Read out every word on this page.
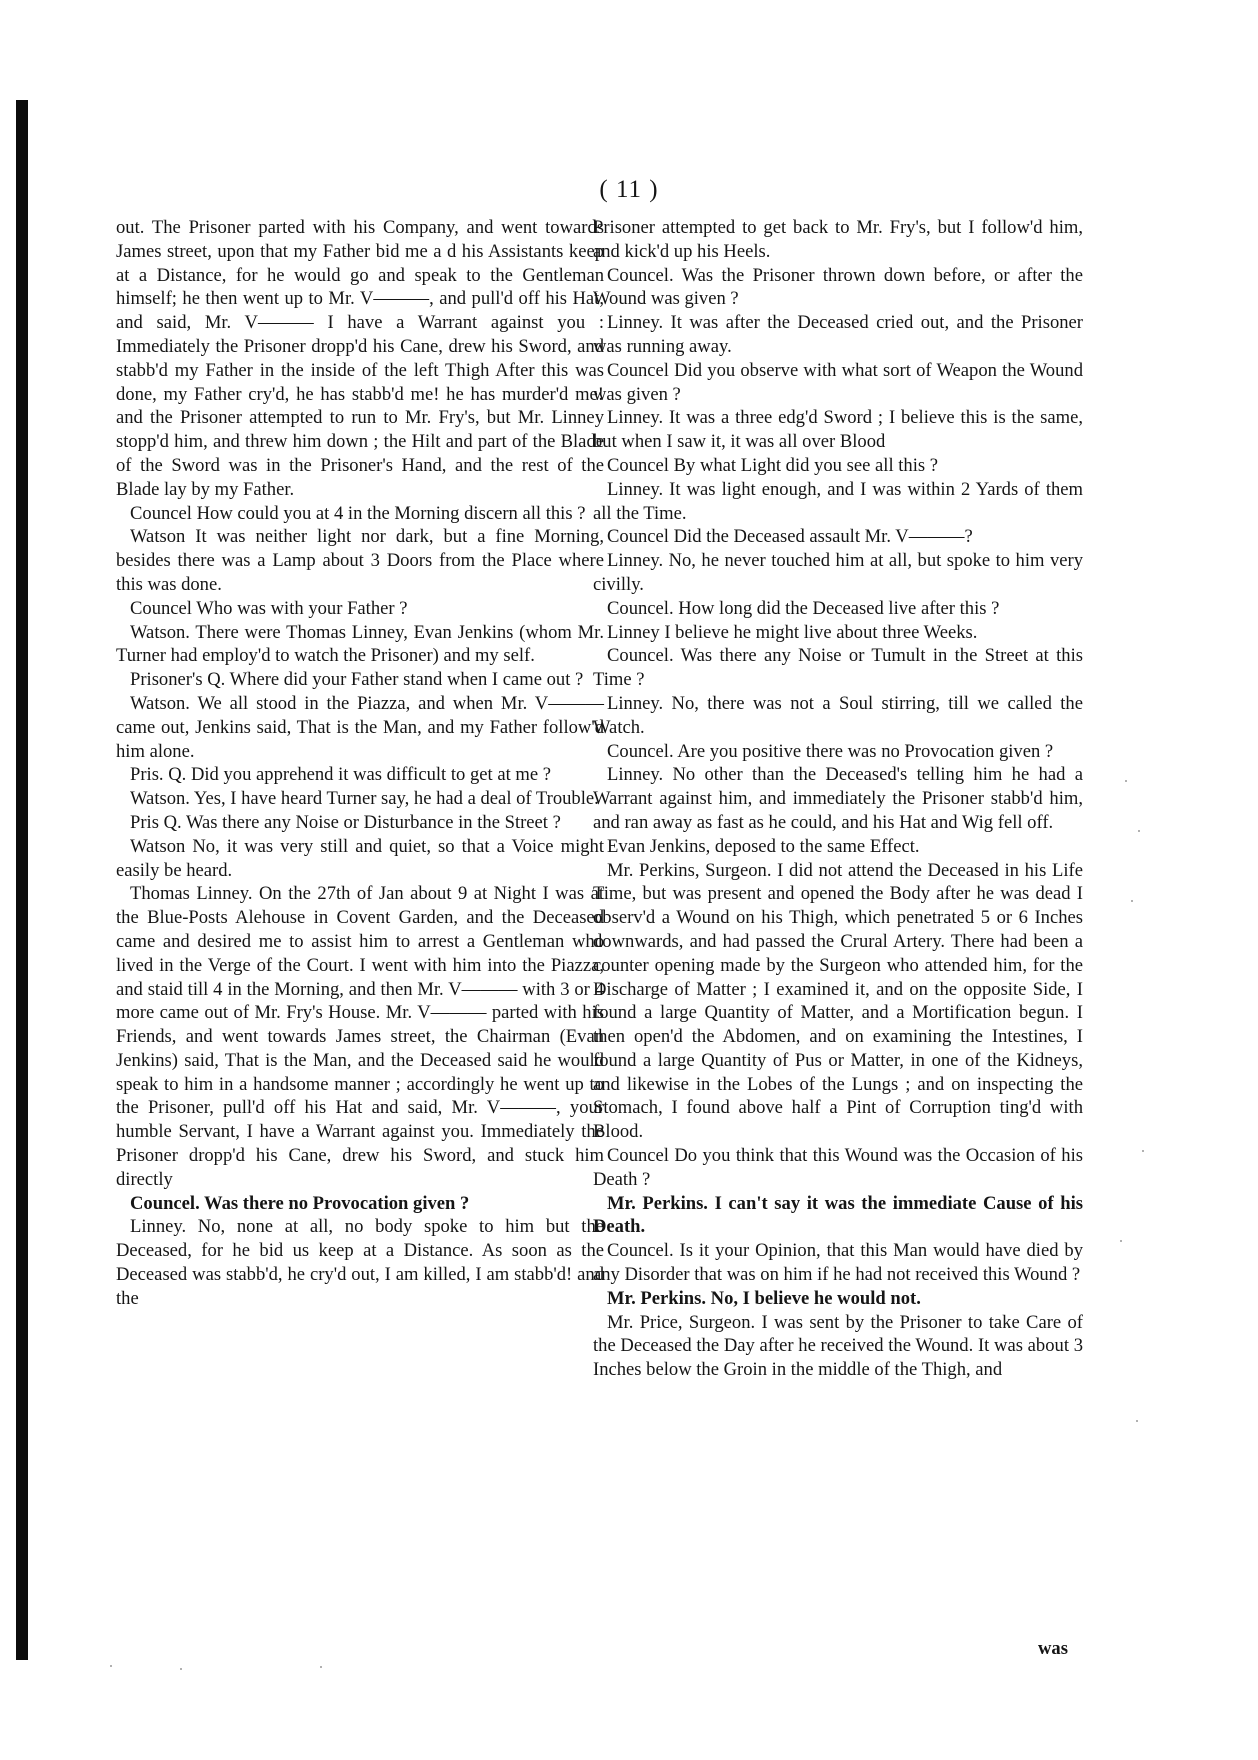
( 11 )

out. The Prisoner parted with his Company, and went towards James street, upon that my Father bid me a d his Assistants keep at a Distance, for he would go and speak to the Gentleman himself; he then went up to Mr. V———, and pull'd off his Hat, and said, Mr. V——— I have a Warrant against you : Immediately the Prisoner dropp'd his Cane, drew his Sword, and stabb'd my Father in the inside of the left Thigh After this was done, my Father cry'd, he has stabb'd me! he has murder'd me! and the Prisoner attempted to run to Mr. Fry's, but Mr. Linney stopp'd him, and threw him down ; the Hilt and part of the Blade of the Sword was in the Prisoner's Hand, and the rest of the Blade lay by my Father.

Councel How could you at 4 in the Morning discern all this ?

Watson It was neither light nor dark, but a fine Morning, besides there was a Lamp about 3 Doors from the Place where this was done.

Councel Who was with your Father ?

Watson. There were Thomas Linney, Evan Jenkins (whom Mr. Turner had employ'd to watch the Prisoner) and my self.

Prisoner's Q. Where did your Father stand when I came out ?

Watson. We all stood in the Piazza, and when Mr. V——— came out, Jenkins said, That is the Man, and my Father follow'd him alone.

Pris. Q. Did you apprehend it was difficult to get at me ?

Watson. Yes, I have heard Turner say, he had a deal of Trouble.

Pris Q. Was there any Noise or Disturbance in the Street ?

Watson No, it was very still and quiet, so that a Voice might easily be heard.

Thomas Linney. On the 27th of Jan about 9 at Night I was at the Blue-Posts Alehouse in Covent Garden, and the Deceased came and desired me to assist him to arrest a Gentleman who lived in the Verge of the Court. I went with him into the Piazza, and staid till 4 in the Morning, and then Mr. V——— with 3 or 4 more came out of Mr. Fry's House. Mr. V——— parted with his Friends, and went towards James street, the Chairman (Evan Jenkins) said, That is the Man, and the Deceased said he would speak to him in a handsome manner ; accordingly he went up to the Prisoner, pull'd off his Hat and said, Mr. V———, your humble Servant, I have a Warrant against you. Immediately the Prisoner dropp'd his Cane, drew his Sword, and stuck him directly

Councel. Was there no Provocation given ?

Linney. No, none at all, no body spoke to him but the Deceased, for he bid us keep at a Distance. As soon as the Deceased was stabb'd, he cry'd out, I am killed, I am stabb'd! and the

Prisoner attempted to get back to Mr. Fry's, but I follow'd him, and kick'd up his Heels.

Councel. Was the Prisoner thrown down before, or after the Wound was given ?

Linney. It was after the Deceased cried out, and the Prisoner was running away.

Councel Did you observe with what sort of Weapon the Wound was given ?

Linney. It was a three edg'd Sword ; I believe this is the same, but when I saw it, it was all over Blood

Councel By what Light did you see all this ?

Linney. It was light enough, and I was within 2 Yards of them all the Time.

Councel Did the Deceased assault Mr. V———?

Linney. No, he never touched him at all, but spoke to him very civilly.

Councel. How long did the Deceased live after this ?

Linney I believe he might live about three Weeks.

Councel. Was there any Noise or Tumult in the Street at this Time ?

Linney. No, there was not a Soul stirring, till we called the Watch.

Councel. Are you positive there was no Provocation given ?

Linney. No other than the Deceased's telling him he had a Warrant against him, and immediately the Prisoner stabb'd him, and ran away as fast as he could, and his Hat and Wig fell off.

Evan Jenkins, deposed to the same Effect.

Mr. Perkins, Surgeon. I did not attend the Deceased in his Life Time, but was present and opened the Body after he was dead I observ'd a Wound on his Thigh, which penetrated 5 or 6 Inches downwards, and had passed the Crural Artery. There had been a counter opening made by the Surgeon who attended him, for the Discharge of Matter ; I examined it, and on the opposite Side, I found a large Quantity of Matter, and a Mortification begun. I then open'd the Abdomen, and on examining the Intestines, I found a large Quantity of Pus or Matter, in one of the Kidneys, and likewise in the Lobes of the Lungs ; and on inspecting the Stomach, I found above half a Pint of Corruption ting'd with Blood.

Councel Do you think that this Wound was the Occasion of his Death ?

Mr. Perkins. I can't say it was the immediate Cause of his Death.

Councel. Is it your Opinion, that this Man would have died by any Disorder that was on him if he had not received this Wound ?

Mr. Perkins. No, I believe he would not.

Mr. Price, Surgeon. I was sent by the Prisoner to take Care of the Deceased the Day after he received the Wound. It was about 3 Inches below the Groin in the middle of the Thigh, and

was
